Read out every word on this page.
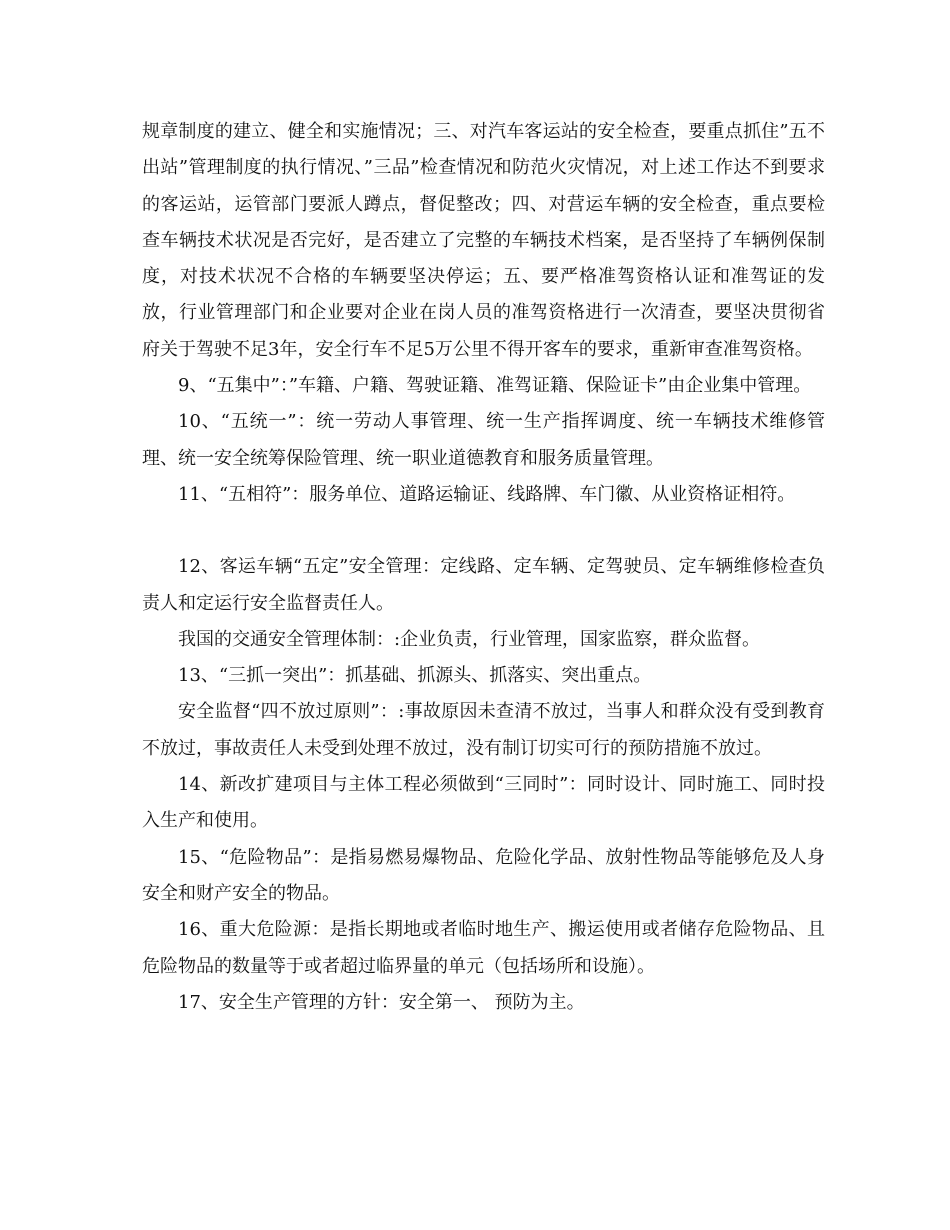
规章制度的建立、健全和实施情况；三、对汽车客运站的安全检查，要重点抓住”五不出站”管理制度的执行情况、”三品”检查情况和防范火灾情况，对上述工作达不到要求的客运站，运管部门要派人蹲点，督促整改；四、对营运车辆的安全检查，重点要检查车辆技术状况是否完好，是否建立了完整的车辆技术档案，是否坚持了车辆例保制度，对技术状况不合格的车辆要坚决停运；五、要严格准驾资格认证和准驾证的发放，行业管理部门和企业要对企业在岗人员的准驾资格进行一次清查，要坚决贯彻省府关于驾驶不足3年，安全行车不足5万公里不得开客车的要求，重新审查准驾资格。

9、“五集中”：”车籍、户籍、驾驶证籍、准驾证籍、保险证卡”由企业集中管理。

10、“五统一”：统一劳动人事管理、统一生产指挥调度、统一车辆技术维修管理、统一安全统筹保险管理、统一职业道德教育和服务质量管理。

11、“五相符”：服务单位、道路运输证、线路牌、车门徽、从业资格证相符。

12、客运车辆“五定”安全管理：定线路、定车辆、定驾驶员、定车辆维修检查负责人和定运行安全监督责任人。

我国的交通安全管理体制：:企业负责，行业管理，国家监察，群众监督。

13、“三抓一突出”：抓基础、抓源头、抓落实、突出重点。

安全监督“四不放过原则”：:事故原因未查清不放过，当事人和群众没有受到教育不放过，事故责任人未受到处理不放过，没有制订切实可行的预防措施不放过。

14、新改扩建项目与主体工程必须做到“三同时”：同时设计、同时施工、同时投入生产和使用。

15、“危险物品”：是指易燃易爆物品、危险化学品、放射性物品等能够危及人身安全和财产安全的物品。

16、重大危险源：是指长期地或者临时地生产、搬运使用或者储存危险物品、且危险物品的数量等于或者超过临界量的单元（包括场所和设施）。

17、安全生产管理的方针：安全第一、 预防为主。
